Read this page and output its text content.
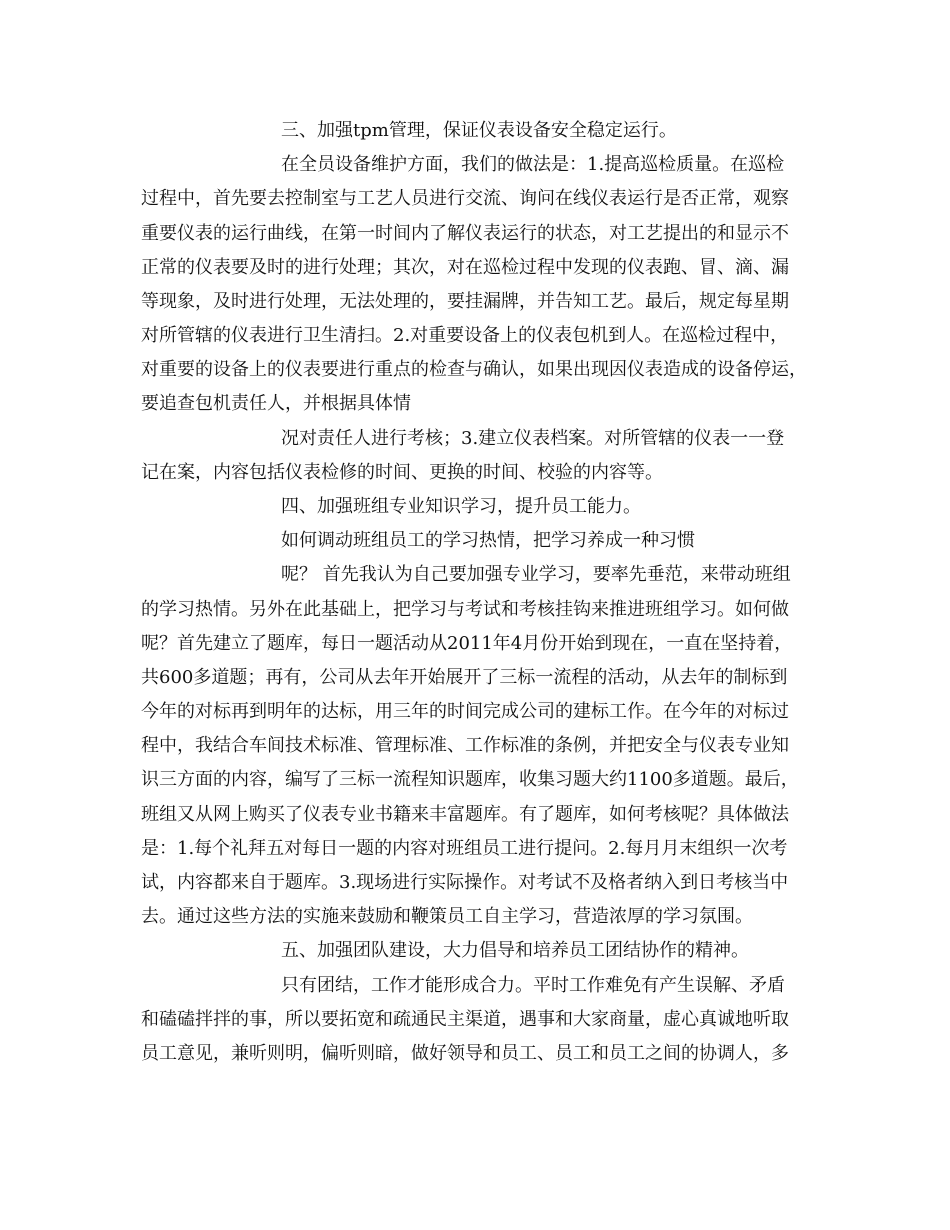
三、加强tpm管理，保证仪表设备安全稳定运行。
在全员设备维护方面，我们的做法是：1.提高巡检质量。在巡检
过程中，首先要去控制室与工艺人员进行交流、询问在线仪表运行是否正常，观察
重要仪表的运行曲线，在第一时间内了解仪表运行的状态，对工艺提出的和显示不
正常的仪表要及时的进行处理；其次，对在巡检过程中发现的仪表跑、冒、滴、漏
等现象，及时进行处理，无法处理的，要挂漏牌，并告知工艺。最后，规定每星期
对所管辖的仪表进行卫生清扫。2.对重要设备上的仪表包机到人。在巡检过程中，
对重要的设备上的仪表要进行重点的检查与确认，如果出现因仪表造成的设备停运，
要追查包机责任人，并根据具体情
况对责任人进行考核；3.建立仪表档案。对所管辖的仪表一一登
记在案，内容包括仪表检修的时间、更换的时间、校验的内容等。
四、加强班组专业知识学习，提升员工能力。
如何调动班组员工的学习热情，把学习养成一种习惯
呢？ 首先我认为自己要加强专业学习，要率先垂范，来带动班组
的学习热情。另外在此基础上，把学习与考试和考核挂钩来推进班组学习。如何做
呢？首先建立了题库，每日一题活动从2011年4月份开始到现在，一直在坚持着，
共600多道题；再有，公司从去年开始展开了三标一流程的活动，从去年的制标到
今年的对标再到明年的达标，用三年的时间完成公司的建标工作。在今年的对标过
程中，我结合车间技术标准、管理标准、工作标准的条例，并把安全与仪表专业知
识三方面的内容，编写了三标一流程知识题库，收集习题大约1100多道题。最后，
班组又从网上购买了仪表专业书籍来丰富题库。有了题库，如何考核呢？具体做法
是：1.每个礼拜五对每日一题的内容对班组员工进行提问。2.每月月末组织一次考
试，内容都来自于题库。3.现场进行实际操作。对考试不及格者纳入到日考核当中
去。通过这些方法的实施来鼓励和鞭策员工自主学习，营造浓厚的学习氛围。
五、加强团队建设，大力倡导和培养员工团结协作的精神。
只有团结，工作才能形成合力。平时工作难免有产生误解、矛盾
和磕磕拌拌的事，所以要拓宽和疏通民主渠道，遇事和大家商量，虚心真诚地听取
员工意见，兼听则明，偏听则暗，做好领导和员工、员工和员工之间的协调人，多
